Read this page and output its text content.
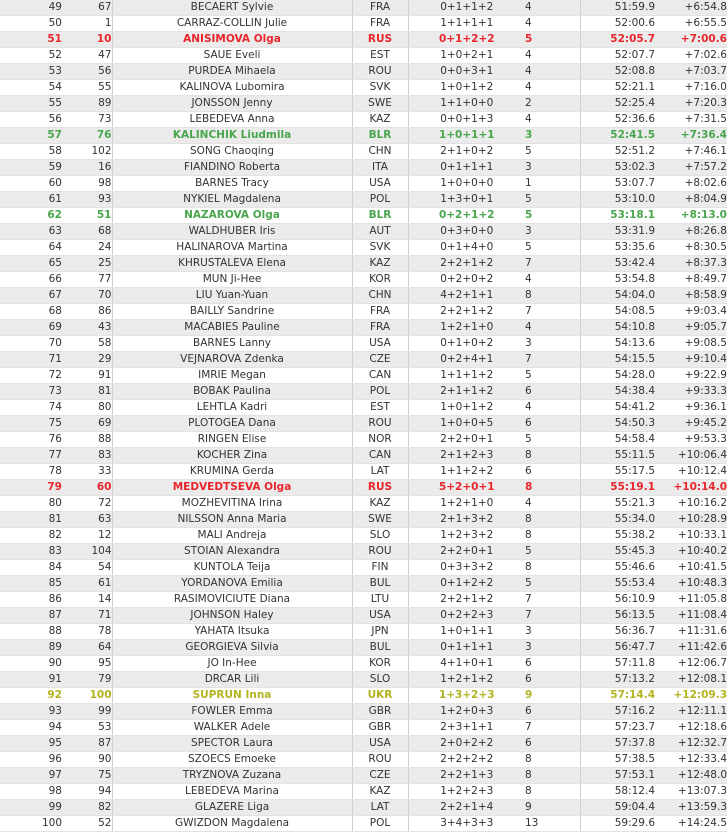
49	67	BECAERT Sylvie	FRA	0+1+1+2	4	51:59.9	+6:54.8
50	1	CARRAZ-COLLIN Julie	FRA	1+1+1+1	4	52:00.6	+6:55.5
51	10	ANISIMOVA Olga	RUS	0+1+2+2	5	52:05.7	+7:00.6
52	47	SAUE Eveli	EST	1+0+2+1	4	52:07.7	+7:02.6
53	56	PURDEA Mihaela	ROU	0+0+3+1	4	52:08.8	+7:03.7
54	55	KALINOVA Lubomira	SVK	1+0+1+2	4	52:21.1	+7:16.0
55	89	JONSSON Jenny	SWE	1+1+0+0	2	52:25.4	+7:20.3
56	73	LEBEDEVA Anna	KAZ	0+0+1+3	4	52:36.6	+7:31.5
57	76	KALINCHIK Liudmila	BLR	1+0+1+1	3	52:41.5	+7:36.4
58	102	SONG Chaoqing	CHN	2+1+0+2	5	52:51.2	+7:46.1
59	16	FIANDINO Roberta	ITA	0+1+1+1	3	53:02.3	+7:57.2
60	98	BARNES Tracy	USA	1+0+0+0	1	53:07.7	+8:02.6
61	93	NYKIEL Magdalena	POL	1+3+0+1	5	53:10.0	+8:04.9
62	51	NAZAROVA Olga	BLR	0+2+1+2	5	53:18.1	+8:13.0
63	68	WALDHUBER Iris	AUT	0+3+0+0	3	53:31.9	+8:26.8
64	24	HALINAROVA Martina	SVK	0+1+4+0	5	53:35.6	+8:30.5
65	25	KHRUSTALEVA Elena	KAZ	2+2+1+2	7	53:42.4	+8:37.3
66	77	MUN Ji-Hee	KOR	0+2+0+2	4	53:54.8	+8:49.7
67	70	LIU Yuan-Yuan	CHN	4+2+1+1	8	54:04.0	+8:58.9
68	86	BAILLY Sandrine	FRA	2+2+1+2	7	54:08.5	+9:03.4
69	43	MACABIES Pauline	FRA	1+2+1+0	4	54:10.8	+9:05.7
70	58	BARNES Lanny	USA	0+1+0+2	3	54:13.6	+9:08.5
71	29	VEJNAROVA Zdenka	CZE	0+2+4+1	7	54:15.5	+9:10.4
72	91	IMRIE Megan	CAN	1+1+1+2	5	54:28.0	+9:22.9
73	81	BOBAK Paulina	POL	2+1+1+2	6	54:38.4	+9:33.3
74	80	LEHTLA Kadri	EST	1+0+1+2	4	54:41.2	+9:36.1
75	69	PLOTOGEA Dana	ROU	1+0+0+5	6	54:50.3	+9:45.2
76	88	RINGEN Elise	NOR	2+2+0+1	5	54:58.4	+9:53.3
77	83	KOCHER Zina	CAN	2+1+2+3	8	55:11.5	+10:06.4
78	33	KRUMINA Gerda	LAT	1+1+2+2	6	55:17.5	+10:12.4
79	60	MEDVEDTSEVA Olga	RUS	5+2+0+1	8	55:19.1	+10:14.0
80	72	MOZHEVITINA Irina	KAZ	1+2+1+0	4	55:21.3	+10:16.2
81	63	NILSSON Anna Maria	SWE	2+1+3+2	8	55:34.0	+10:28.9
82	12	MALI Andreja	SLO	1+2+3+2	8	55:38.2	+10:33.1
83	104	STOIAN Alexandra	ROU	2+2+0+1	5	55:45.3	+10:40.2
84	54	KUNTOLA Teija	FIN	0+3+3+2	8	55:46.6	+10:41.5
85	61	YORDANOVA Emilia	BUL	0+1+2+2	5	55:53.4	+10:48.3
86	14	RASIMOVICIUTE Diana	LTU	2+2+1+2	7	56:10.9	+11:05.8
87	71	JOHNSON Haley	USA	0+2+2+3	7	56:13.5	+11:08.4
88	78	YAHATA Itsuka	JPN	1+0+1+1	3	56:36.7	+11:31.6
89	64	GEORGIEVA Silvia	BUL	0+1+1+1	3	56:47.7	+11:42.6
90	95	JO In-Hee	KOR	4+1+0+1	6	57:11.8	+12:06.7
91	79	DRCAR Lili	SLO	1+2+1+2	6	57:13.2	+12:08.1
92	100	SUPRUN Inna	UKR	1+3+2+3	9	57:14.4	+12:09.3
93	99	FOWLER Emma	GBR	1+2+0+3	6	57:16.2	+12:11.1
94	53	WALKER Adele	GBR	2+3+1+1	7	57:23.7	+12:18.6
95	87	SPECTOR Laura	USA	2+0+2+2	6	57:37.8	+12:32.7
96	90	SZOECS Emoeke	ROU	2+2+2+2	8	57:38.5	+12:33.4
97	75	TRYZNOVA Zuzana	CZE	2+2+1+3	8	57:53.1	+12:48.0
98	94	LEBEDEVA Marina	KAZ	1+2+2+3	8	58:12.4	+13:07.3
99	82	GLAZERE Liga	LAT	2+2+1+4	9	59:04.4	+13:59.3
100	52	GWIZDON Magdalena	POL	3+4+3+3	13	59:29.6	+14:24.5
